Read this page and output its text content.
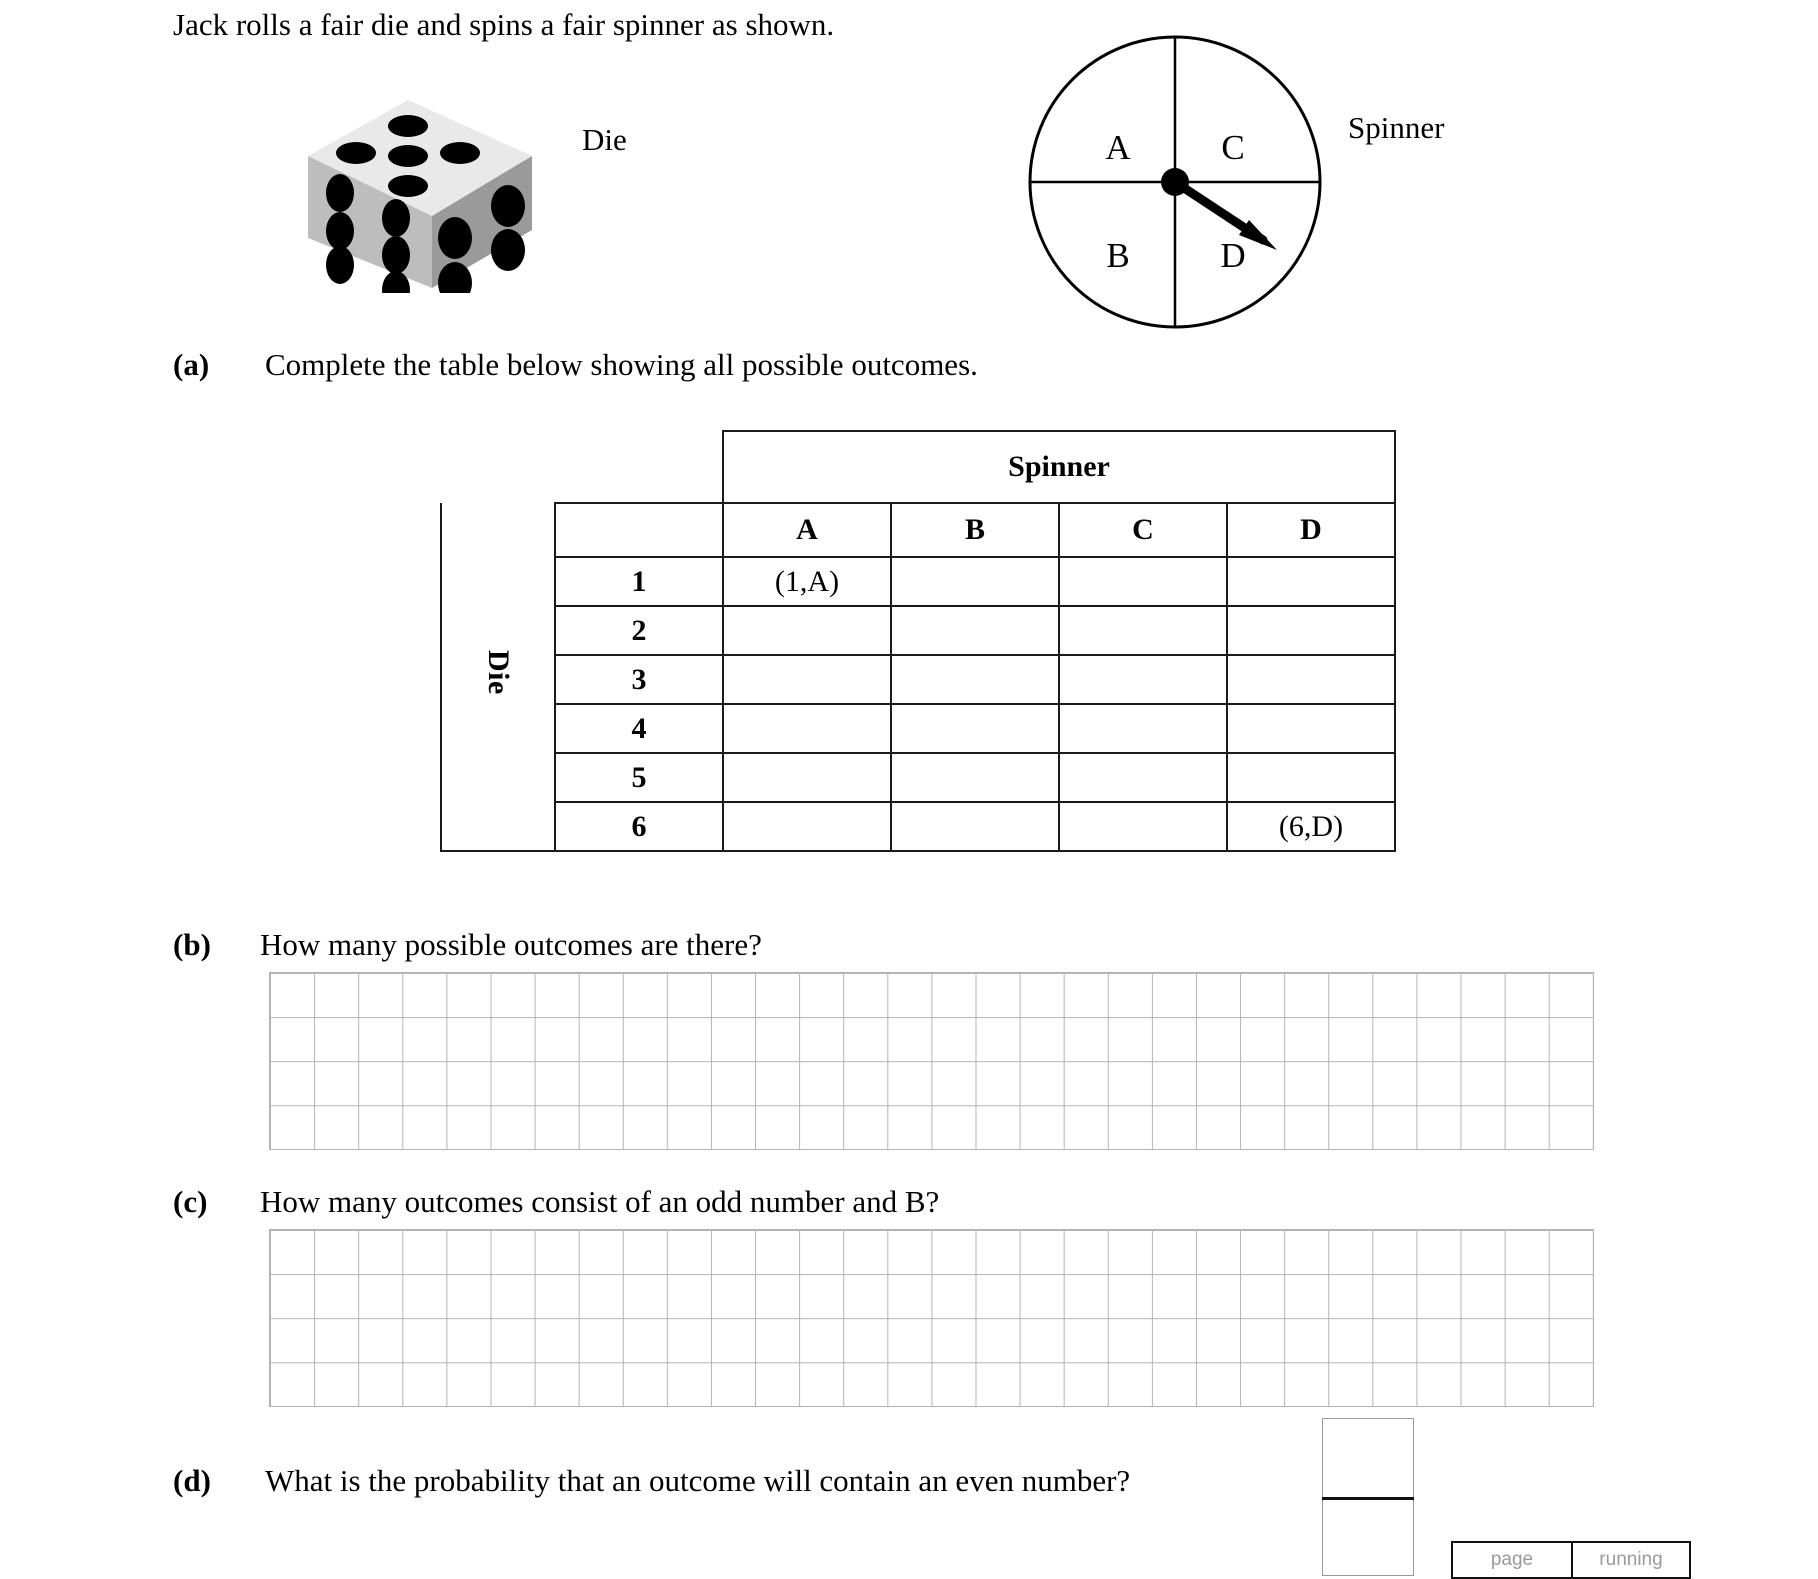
Jack rolls a fair die and spins a fair spinner as shown.
Die	A	C
B	D
Spinner
(a) Complete the table below showing all possible outcomes.
		Spinner			
Die		A	B	C	D
	1	(1,A)			
	2				
	3				
	4				
	5				
	6				(6,D)
(b) How many possible outcomes are there?
(c) How many outcomes consist of an odd number and B?
(d) What is the probability that an outcome will contain an even number?
page	running
